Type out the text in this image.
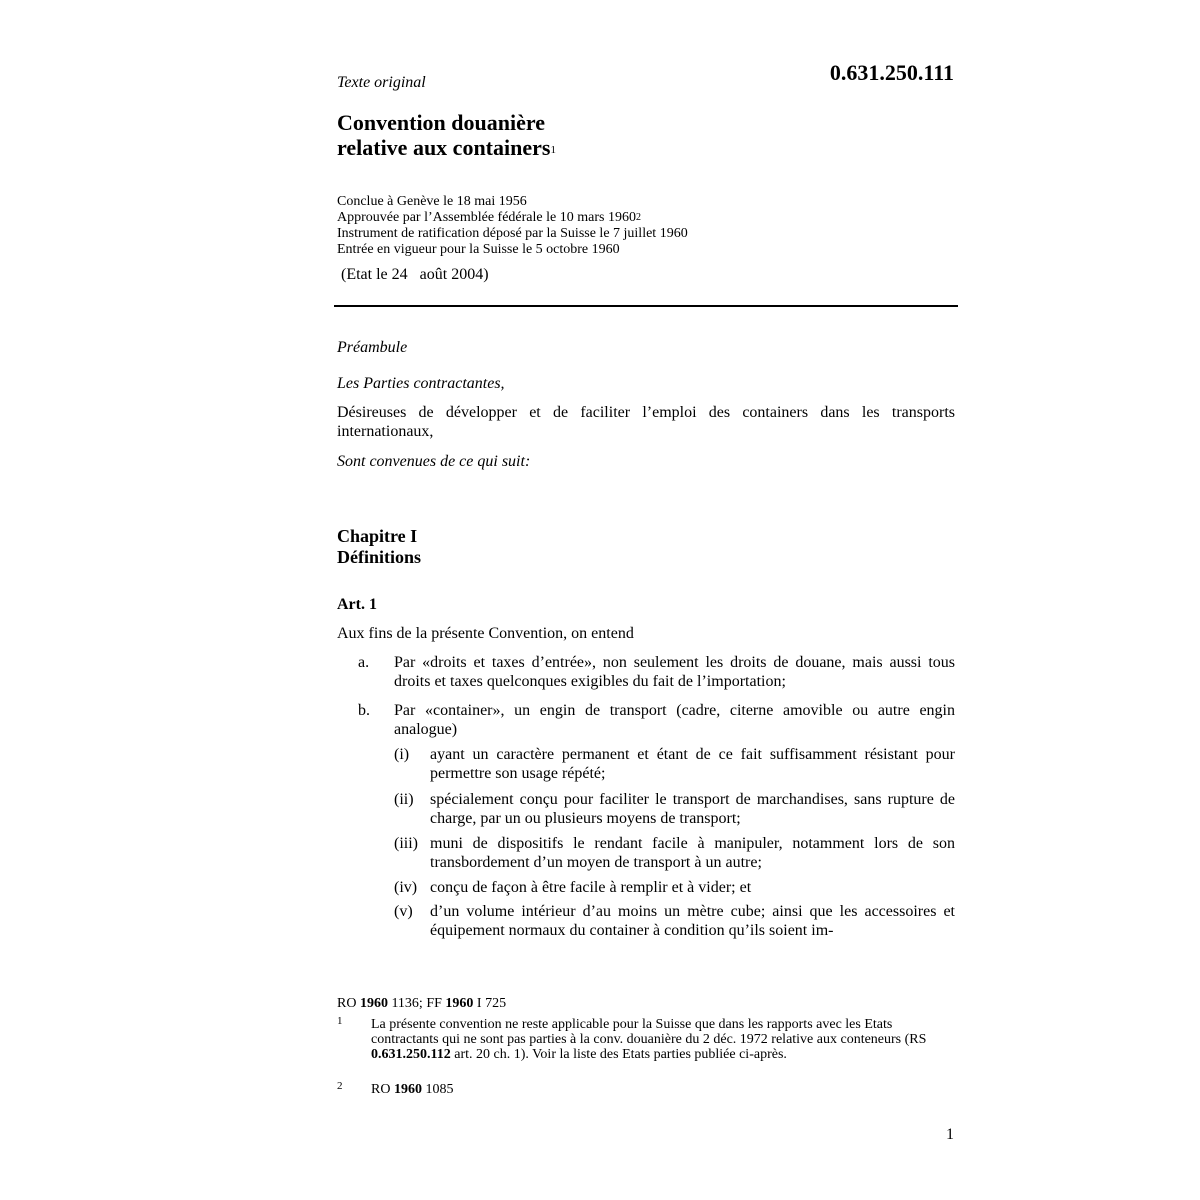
Texte original	0.631.250.111
Convention douanière
relative aux containers$^1$
Conclue à Genève le 18 mai 1956
Approuvée par l’Assemblée fédérale le 10 mars 1960$^2$
Instrument de ratification déposé par la Suisse le 7 juillet 1960
Entrée en vigueur pour la Suisse le 5 octobre 1960
(Etat le 24   août 2004)
Préambule
Les Parties contractantes,
Désireuses de développer et de faciliter l’emploi des containers dans les transports internationaux,
Sont convenues de ce qui suit:
Chapitre I
Définitions
Art. 1
Aux fins de la présente Convention, on entend
a. Par «droits et taxes d’entrée», non seulement les droits de douane, mais aussi tous droits et taxes quelconques exigibles du fait de l’importation;
b. Par «container», un engin de transport (cadre, citerne amovible ou autre engin analogue)
(i) ayant un caractère permanent et étant de ce fait suffisamment résistant pour permettre son usage répété;
(ii) spécialement conçu pour faciliter le transport de marchandises, sans rupture de charge, par un ou plusieurs moyens de transport;
(iii) muni de dispositifs le rendant facile à manipuler, notamment lors de son transbordement d’un moyen de transport à un autre;
(iv) conçu de façon à être facile à remplir et à vider; et
(v) d’un volume intérieur d’au moins un mètre cube; ainsi que les accessoires et équipement normaux du container à condition qu’ils soient im-
RO 1960 1136; FF 1960 I 725
1 La présente convention ne reste applicable pour la Suisse que dans les rapports avec les Etats contractants qui ne sont pas parties à la conv. douanière du 2 déc. 1972 relative aux conteneurs (RS 0.631.250.112 art. 20 ch. 1). Voir la liste des Etats parties publiée ci-après.
2 RO 1960 1085
1
